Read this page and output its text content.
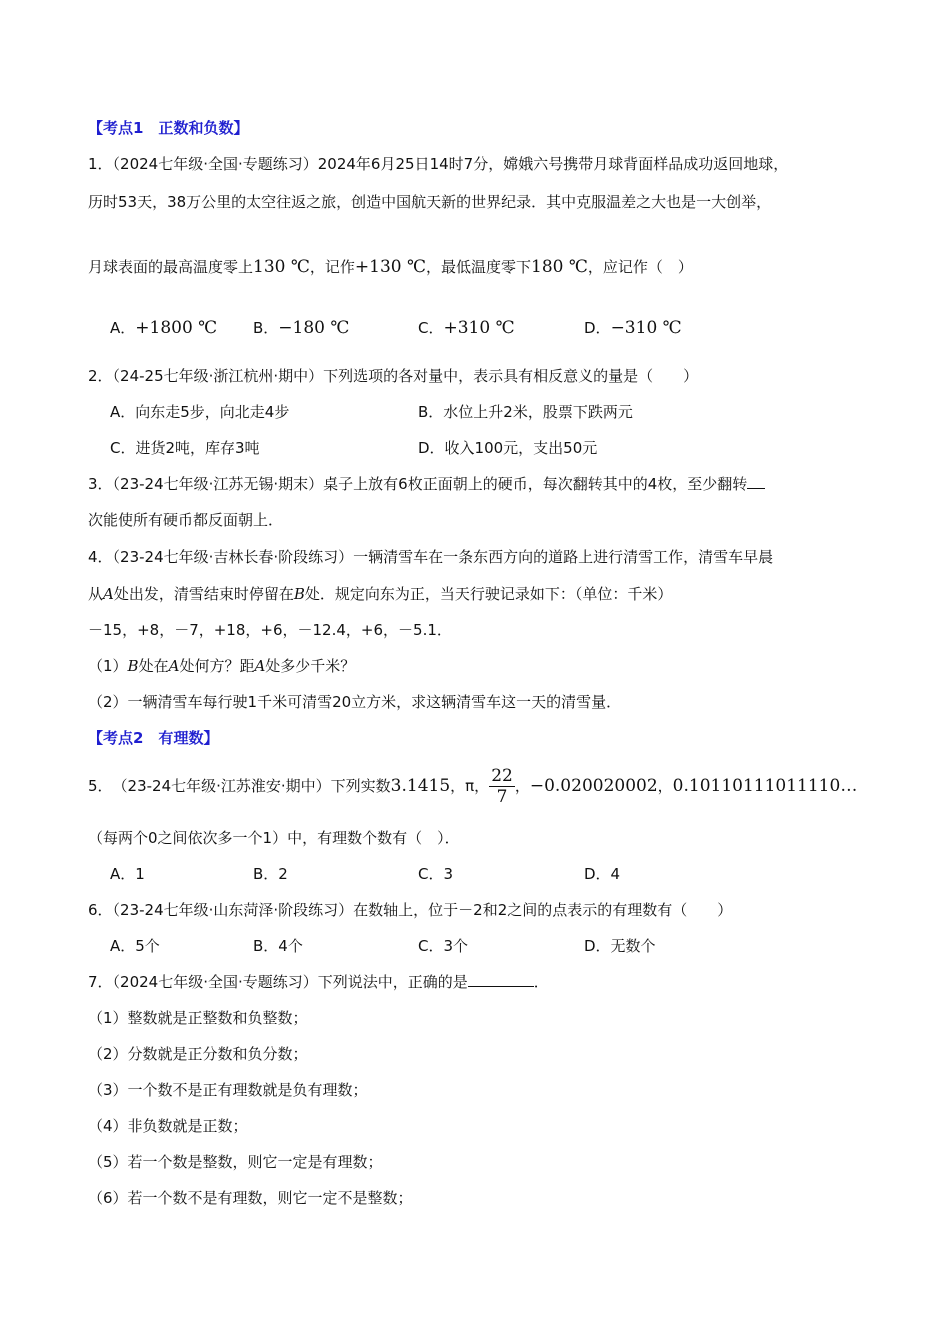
【考点1　正数和负数】
1．（2024七年级·全国·专题练习）2024年6月25日14时7分，嫦娥六号携带月球背面样品成功返回地球，
历时53天，38万公里的太空往返之旅，创造中国航天新的世界纪录．其中克服温差之大也是一大创举，
月球表面的最高温度零上130 ℃，记作+130 ℃，最低温度零下180 ℃，应记作（　）
A．+1800 ℃ B．−180 ℃	C．+310 ℃	D．−310 ℃
2．（24-25七年级·浙江杭州·期中）下列选项的各对量中，表示具有相反意义的量是（　　）
A．向东走5步，向北走4步	B．水位上升2米，股票下跌两元
C．进货2吨，库存3吨	D．收入100元，支出50元
3．（23-24七年级·江苏无锡·期末）桌子上放有6枚正面朝上的硬币，每次翻转其中的4枚，至少翻转
次能使所有硬币都反面朝上．
4．（23-24七年级·吉林长春·阶段练习）一辆清雪车在一条东西方向的道路上进行清雪工作，清雪车早晨
从A处出发，清雪结束时停留在B处．规定向东为正，当天行驶记录如下：（单位：千米）
－15，+8，－7，+18，+6，－12.4，+6，－5.1．
（1）B处在A处何方？距A处多少千米？
（2）一辆清雪车每行驶1千米可清雪20立方米，求这辆清雪车这一天的清雪量．
【考点2　有理数】
5． （23-24七年级·江苏淮安·期中）下列实数 3.1415 ，π， $\frac{22}{7}$ ， −0.020020002 ， 0.10110111011110…
（每两个0之间依次多一个1）中，有理数个数有（　）．
A．1	B．2	C．3	D．4
6．（23-24七年级·山东菏泽·阶段练习）在数轴上，位于－2和2之间的点表示的有理数有（　　）
A．5个	B．4个	C．3个	D．无数个
7．（2024七年级·全国·专题练习）下列说法中，正确的是	．
（1）整数就是正整数和负整数；
（2）分数就是正分数和负分数；
（3）一个数不是正有理数就是负有理数；
（4）非负数就是正数；
（5）若一个数是整数，则它一定是有理数；
（6）若一个数不是有理数，则它一定不是整数；
